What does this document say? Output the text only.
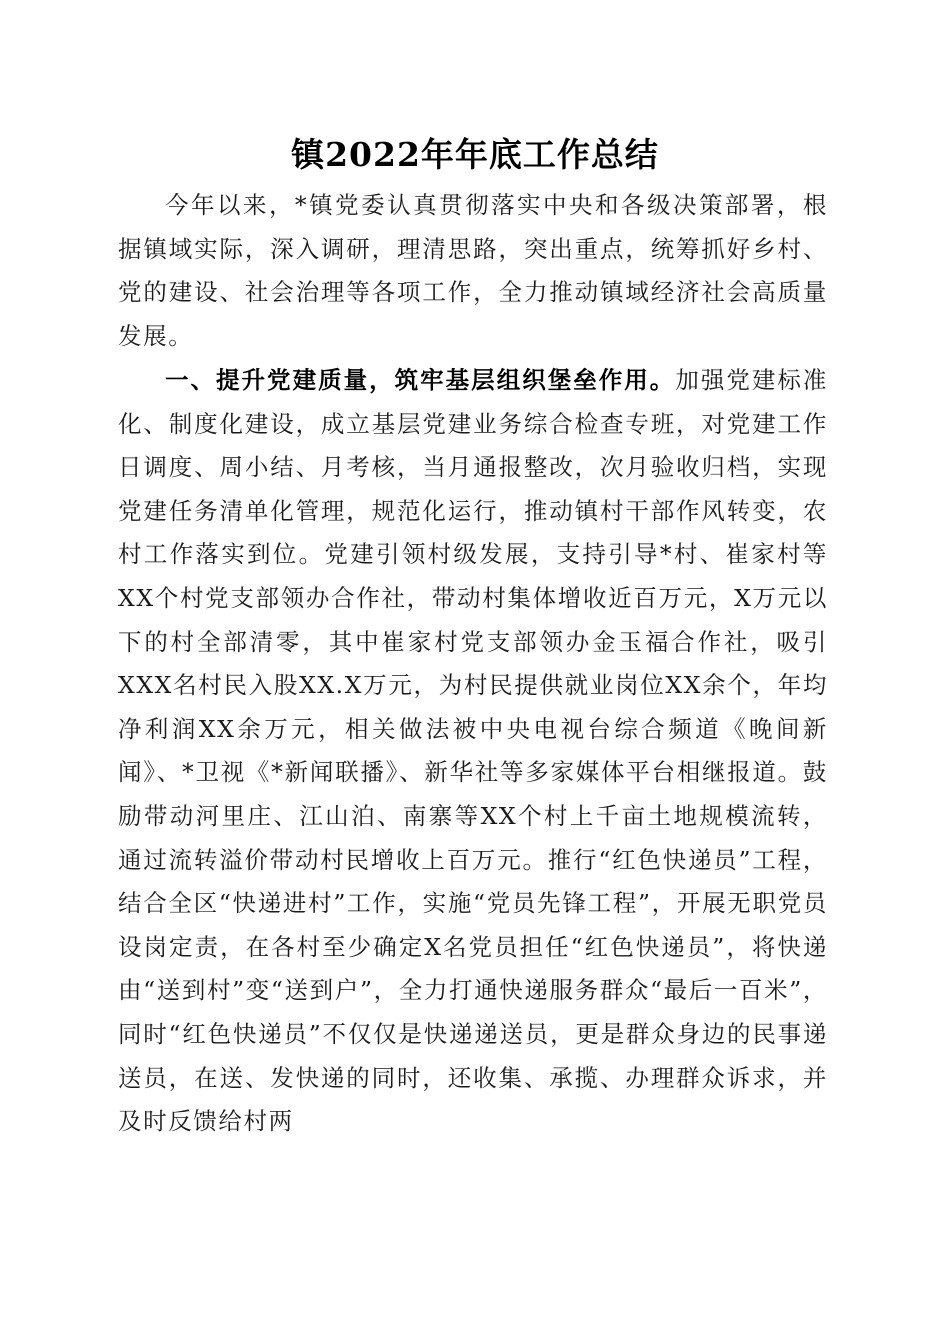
镇2022年年底工作总结

今年以来，*镇党委认真贯彻落实中央和各级决策部署，根据镇域实际，深入调研，理清思路，突出重点，统筹抓好乡村、党的建设、社会治理等各项工作，全力推动镇域经济社会高质量发展。

一、提升党建质量，筑牢基层组织堡垒作用。加强党建标准化、制度化建设，成立基层党建业务综合检查专班，对党建工作日调度、周小结、月考核，当月通报整改，次月验收归档，实现党建任务清单化管理，规范化运行，推动镇村干部作风转变，农村工作落实到位。党建引领村级发展，支持引导*村、崔家村等XX个村党支部领办合作社，带动村集体增收近百万元，X万元以下的村全部清零，其中崔家村党支部领办金玉福合作社，吸引XXX名村民入股XX.X万元，为村民提供就业岗位XX余个，年均净利润XX余万元，相关做法被中央电视台综合频道《晚间新闻》、*卫视《*新闻联播》、新华社等多家媒体平台相继报道。鼓励带动河里庄、江山泊、南寨等XX个村上千亩土地规模流转，通过流转溢价带动村民增收上百万元。推行“红色快递员”工程，结合全区“快递进村”工作，实施“党员先锋工程”，开展无职党员设岗定责，在各村至少确定X名党员担任“红色快递员”，将快递由“送到村”变“送到户”，全力打通快递服务群众“最后一百米”，同时“红色快递员”不仅仅是快递递送员，更是群众身边的民事递送员，在送、发快递的同时，还收集、承揽、办理群众诉求，并及时反馈给村两
